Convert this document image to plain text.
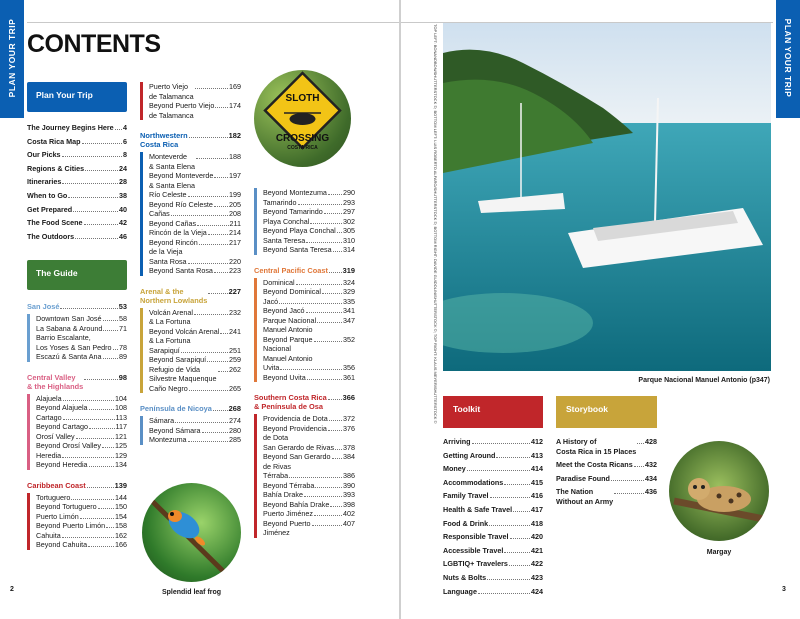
PLAN YOUR TRIP CONTENTS
Plan Your Trip
The Journey Begins Here 4
Costa Rica Map	6
Our Picks	8
Regions & Cities	24
Itineraries	28
When to Go	38
Get Prepared	40
The Food Scene	42
The Outdoors	46
The Guide
San José	53
Downtown San José 58
La Sabana & Around 71
Barrio Escalante,
Los Yoses & San Pedro 78
Escazú & Santa Ana 89
Central Valley
& the Highlands
98
Alajuela	104
Beyond Alajuela	108
Cartago	113
Beyond Cartago	117
Orosí Valley	121
Beyond Orosí Valley 125
Heredia	129
Beyond Heredia	134
Caribbean Coast	139
Tortuguero	144
Beyond Tortuguero	150
Puerto Limón	154
Beyond Puerto Limón 158
Cahuita	162
Beyond Cahuita	166
Puerto Viejo
de Talamanca
169
Beyond Puerto Viejo
de Talamanca
174
Northwestern
Costa Rica
182
Monteverde
& Santa Elena
188
Beyond Monteverde
& Santa Elena
197
Río Celeste	199
Beyond Río Celeste 205
Cañas	208
Beyond Cañas	211
Rincón de la Vieja	214
Beyond Rincón
de la Vieja
217
Santa Rosa	220
Beyond Santa Rosa 223
Arenal & the
Northern Lowlands
227
Volcán Arenal
& La Fortuna
232
Beyond Volcán Arenal
& La Fortuna
241
Sarapiquí	251
Beyond Sarapiquí	259
Refugio de Vida
Silvestre Maquenque
262
Caño Negro	265
Península de Nicoya 268
Sámara	274
Beyond Sámara	280
Montezuma	285
Beyond Montezuma 290
Tamarindo	293
Beyond Tamarindo	297
Playa Conchal	302
Beyond Playa Conchal 305
Santa Teresa	310
Beyond Santa Teresa 314
Central Pacific Coast 319
Dominical	324
Beyond Dominical	329
Jacó	335
Beyond Jacó	341
Parque Nacional
Manuel Antonio
347
Beyond Parque
Nacional
Manuel Antonio
352
Uvita	356
Beyond Uvita	361
Southern Costa Rica
& Península de Osa
366
Providencia de Dota 372
Beyond Providencia
de Dota
376
San Gerardo de Rivas 378
Beyond San Gerardo
de Rivas
384
Térraba	386
Beyond Térraba	390
Bahía Drake	393
Beyond Bahía Drake 398
Puerto Jiménez	402
Beyond Puerto
Jiménez
407
SLOTH
CROSSING
COSTA RICA
Splendid leaf frog
2
PLAN YOUR TRIP
TOP LEFT: BONANDBON/SHUTTERSTOCK ©; BOTTOM LEFT: LUIS ROBERTO ALFARO/SHUTTERSTOCK ©; BOTTOM RIGHT: DAVIDE GUIDOLIN/SHUTTERSTOCK ©; TOP RIGHT: KLAUS MEYER/SHUTTERSTOCK ©	Parque Nacional Manuel Antonio (p347)
Toolkit	Storybook
Arriving	412
Getting Around	413
Money	414
Accommodations	415
Family Travel	416
Health & Safe Travel	417
Food & Drink	418
Responsible Travel	420
Accessible Travel	421
LGBTIQ+ Travelers	422
Nuts & Bolts	423
Language	424
A History of
Costa Rica in 15 Places
428
Meet the Costa Ricans 432
Paradise Found	434
The Nation
Without an Army
436
Margay
3
